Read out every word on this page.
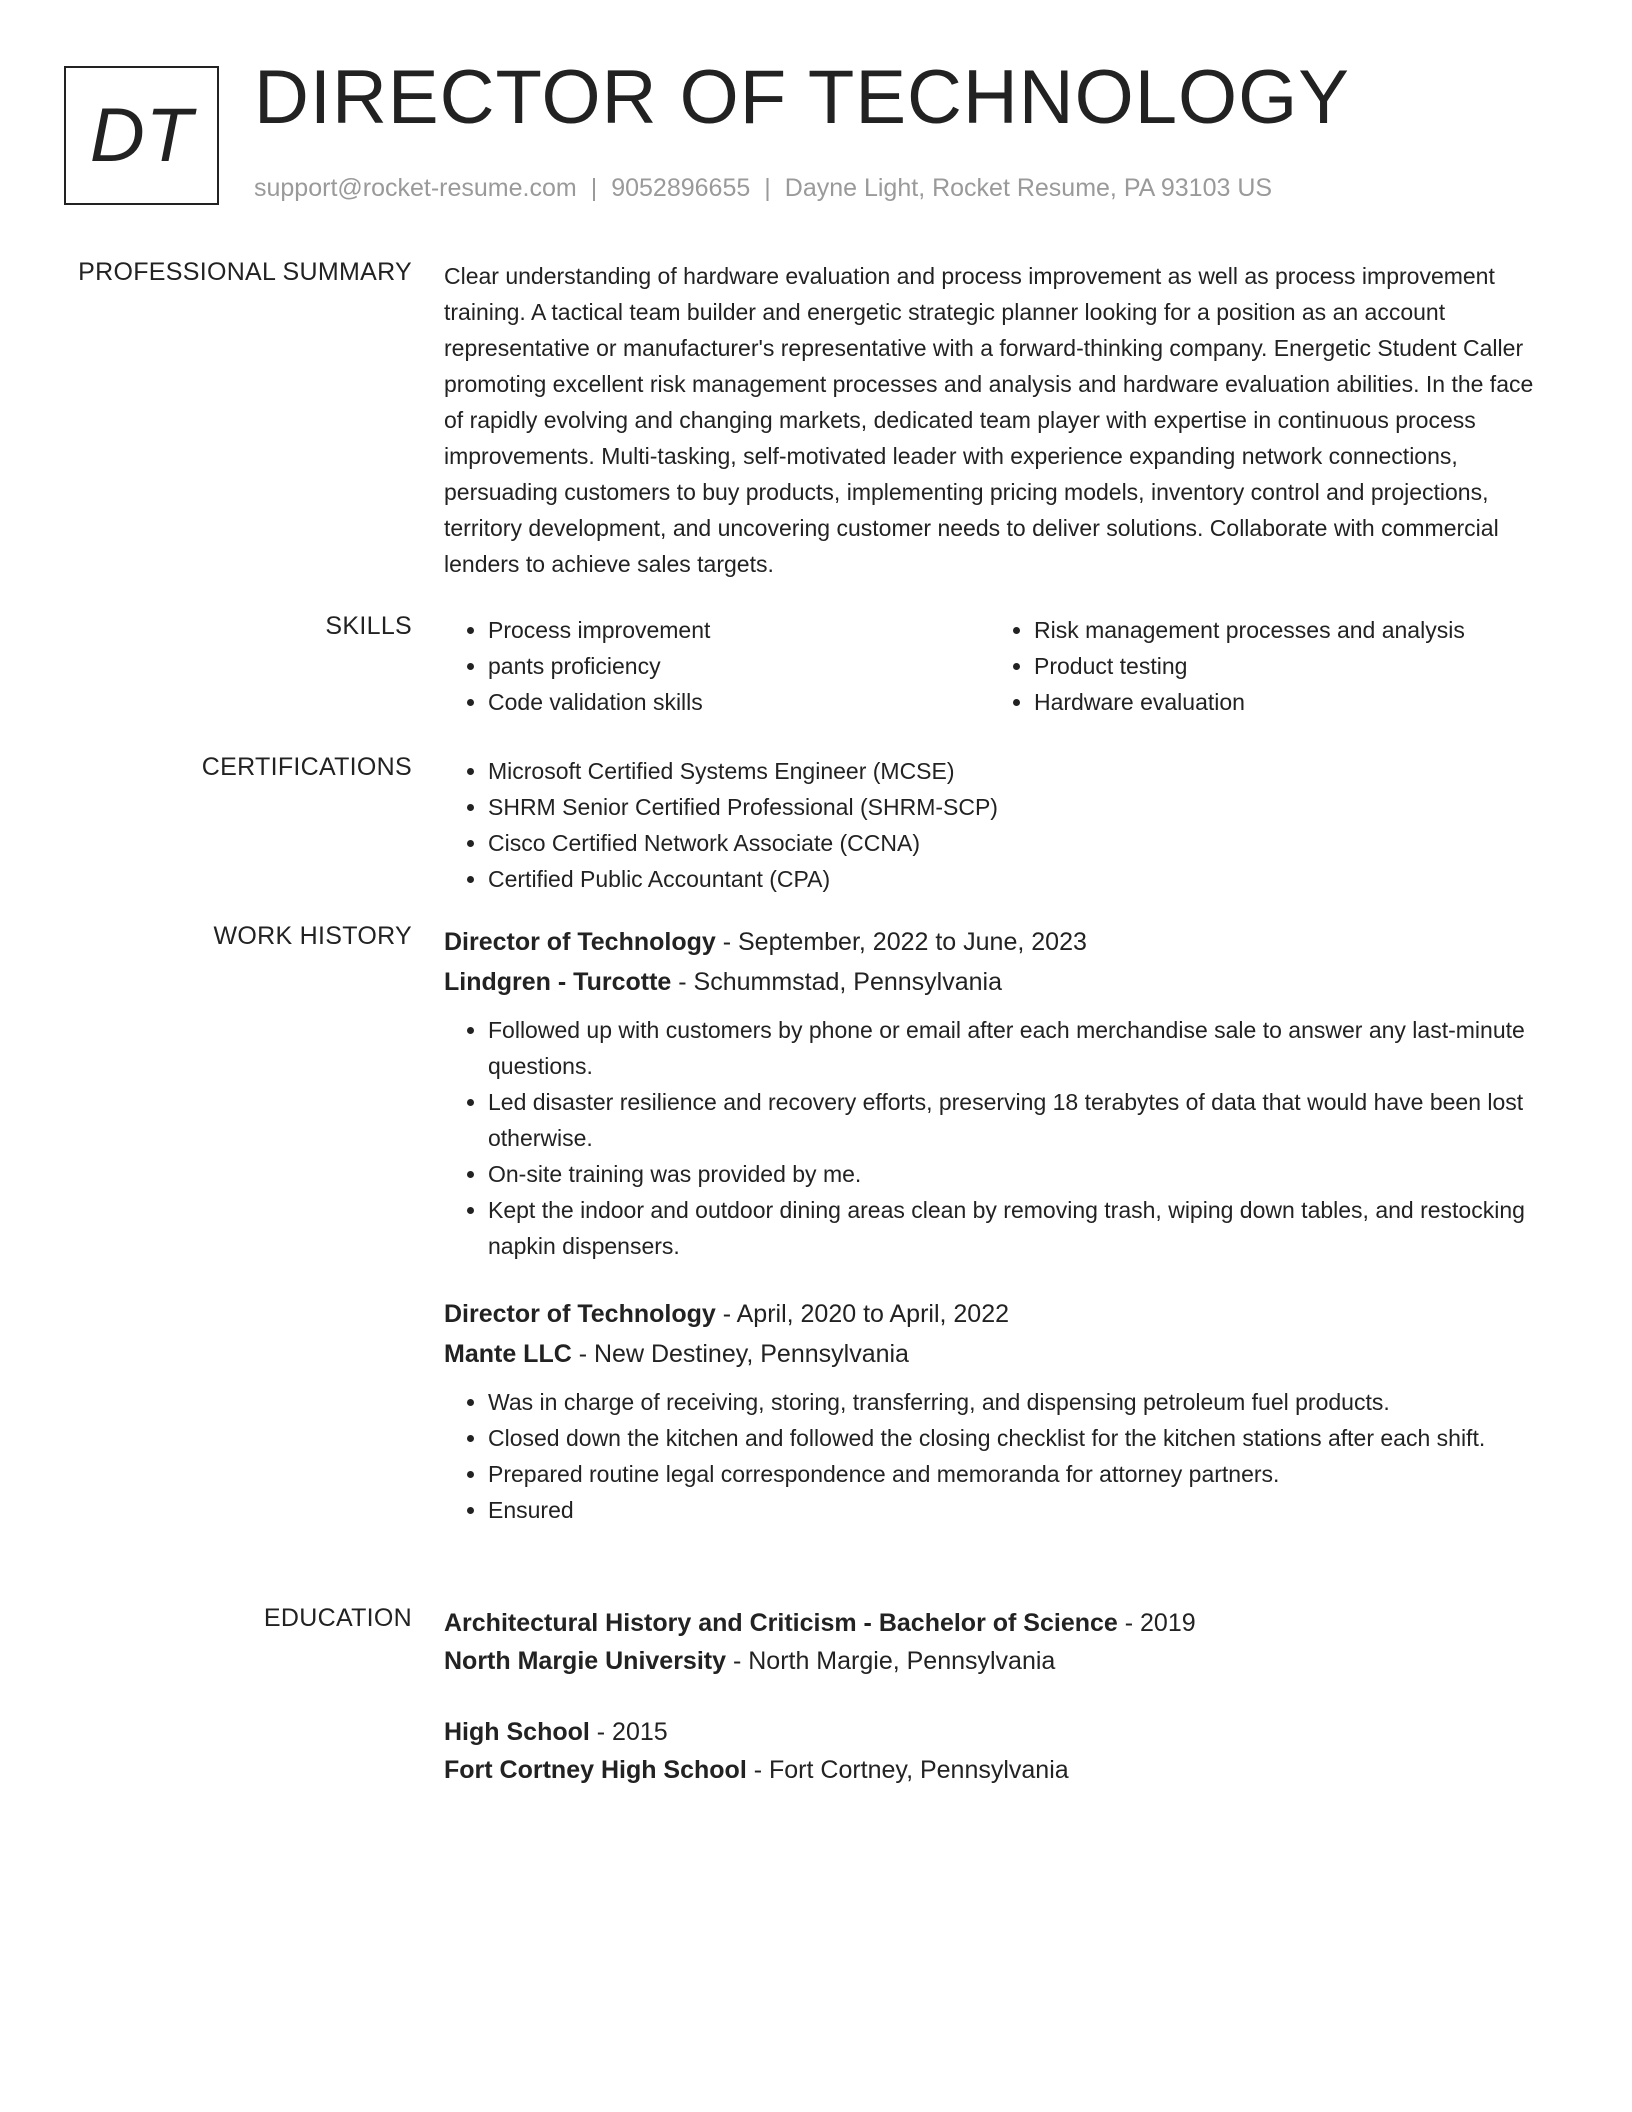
DT DIRECTOR OF TECHNOLOGY
support@rocket-resume.com | 9052896655 | Dayne Light, Rocket Resume, PA 93103 US
PROFESSIONAL SUMMARY Clear understanding of hardware evaluation and process improvement as well as process improvement training. A tactical team builder and energetic strategic planner looking for a position as an account representative or manufacturer's representative with a forward-thinking company. Energetic Student Caller promoting excellent risk management processes and analysis and hardware evaluation abilities. In the face of rapidly evolving and changing markets, dedicated team player with expertise in continuous process improvements. Multi-tasking, self-motivated leader with experience expanding network connections, persuading customers to buy products, implementing pricing models, inventory control and projections, territory development, and uncovering customer needs to deliver solutions. Collaborate with commercial lenders to achieve sales targets.
SKILLS	• Process improvement
• pants proficiency
• Code validation skills
• Risk management processes and analysis
• Product testing
• Hardware evaluation
CERTIFICATIONS	• Microsoft Certified Systems Engineer (MCSE)
• SHRM Senior Certified Professional (SHRM-SCP)
• Cisco Certified Network Associate (CCNA)
• Certified Public Accountant (CPA)
WORK HISTORY Director of Technology - September, 2022 to June, 2023
Lindgren - Turcotte - Schummstad, Pennsylvania
• Followed up with customers by phone or email after each merchandise sale to answer any last-minute questions.
• Led disaster resilience and recovery efforts, preserving 18 terabytes of data that would have been lost otherwise.
• On-site training was provided by me.
• Kept the indoor and outdoor dining areas clean by removing trash, wiping down tables, and restocking napkin dispensers.
Director of Technology - April, 2020 to April, 2022
Mante LLC - New Destiney, Pennsylvania
• Was in charge of receiving, storing, transferring, and dispensing petroleum fuel products.
• Closed down the kitchen and followed the closing checklist for the kitchen stations after each shift.
• Prepared routine legal correspondence and memoranda for attorney partners.
• Ensured
EDUCATION Architectural History and Criticism - Bachelor of Science - 2019
North Margie University - North Margie, Pennsylvania
High School - 2015
Fort Cortney High School - Fort Cortney, Pennsylvania
